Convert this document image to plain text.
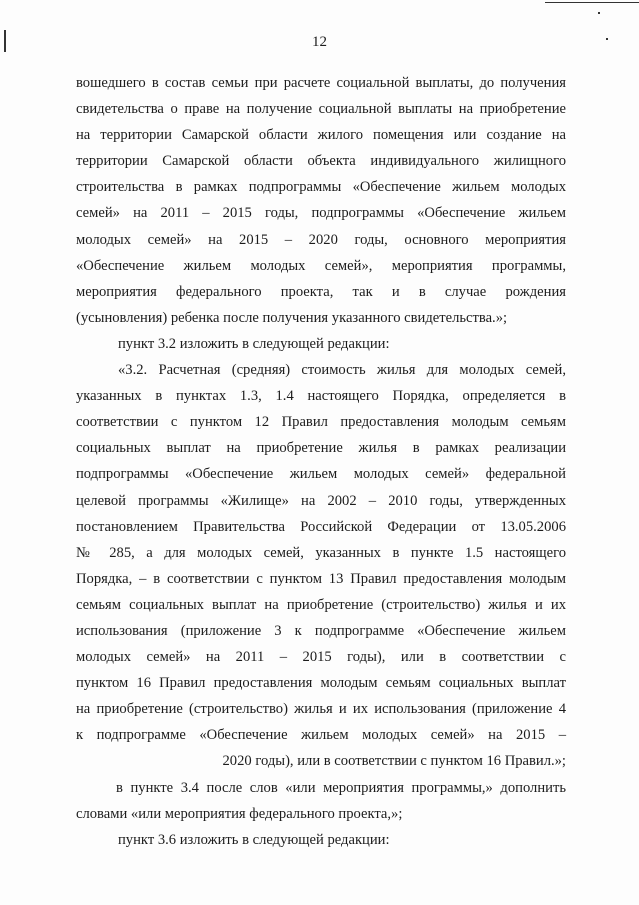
12
вошедшего в состав семьи при расчете социальной выплаты, до получения
свидетельства о праве на получение социальной выплаты на приобретение
на территории Самарской области жилого помещения или создание на
территории Самарской области объекта индивидуального жилищного
строительства в рамках подпрограммы «Обеспечение жильем молодых
семей» на 2011 – 2015 годы, подпрограммы «Обеспечение жильем
молодых семей» на 2015 – 2020 годы, основного мероприятия
«Обеспечение жильем молодых семей», мероприятия программы,
мероприятия федерального проекта, так и в случае рождения
(усыновления) ребенка после получения указанного свидетельства.»;
пункт 3.2 изложить в следующей редакции:
«3.2. Расчетная (средняя) стоимость жилья для молодых семей,
указанных в пунктах 1.3, 1.4 настоящего Порядка, определяется в
соответствии с пунктом 12 Правил предоставления молодым семьям
социальных выплат на приобретение жилья в рамках реализации
подпрограммы «Обеспечение жильем молодых семей» федеральной
целевой программы «Жилище» на 2002 – 2010 годы, утвержденных
постановлением Правительства Российской Федерации от 13.05.2006
№ 285, а для молодых семей, указанных в пункте 1.5 настоящего
Порядка, – в соответствии с пунктом 13 Правил предоставления молодым
семьям социальных выплат на приобретение (строительство) жилья и их
использования (приложение 3 к подпрограмме «Обеспечение жильем
молодых семей» на 2011 – 2015 годы), или в соответствии с
пунктом 16 Правил предоставления молодым семьям социальных выплат
на приобретение (строительство) жилья и их использования (приложение 4
к подпрограмме «Обеспечение жильем молодых семей» на 2015 –
2020 годы), или в соответствии с пунктом 16 Правил.»;
в пункте 3.4 после слов «или мероприятия программы,» дополнить
словами «или мероприятия федерального проекта,»;
пункт 3.6 изложить в следующей редакции:
